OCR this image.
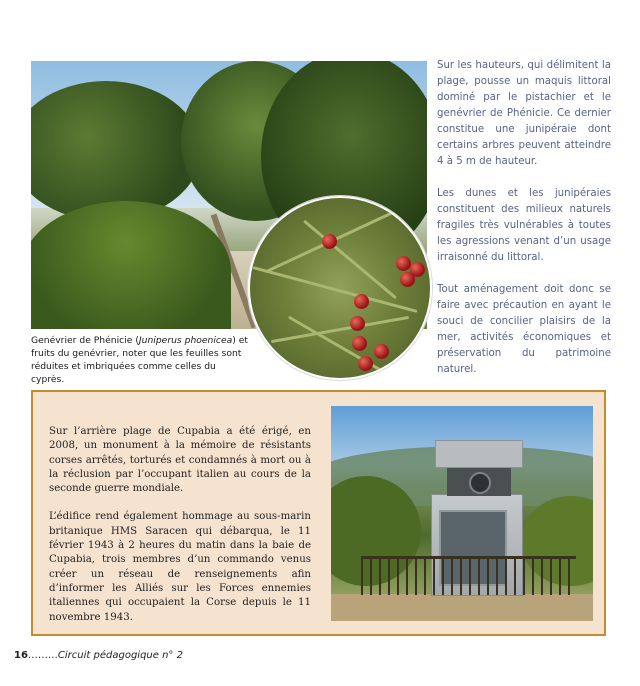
Genévrier de Phénicie (Juniperus phoenicea) et fruits du genévrier, noter que les feuilles sont réduites et imbriquées comme celles du cyprès.

Sur les hauteurs, qui délimitent la plage, pousse un maquis littoral dominé par le pistachier et le genévrier de Phénicie. Ce dernier constitue une junipéraie dont certains arbres peuvent atteindre 4 à 5 m de hauteur.

Les dunes et les junipéraies constituent des milieux naturels fragiles très vulnérables à toutes les agressions venant d’un usage irraisonné du littoral.

Tout aménagement doit donc se faire avec précaution en ayant le souci de concilier plaisirs de la mer, activités économiques et préservation du patrimoine naturel.

Sur l’arrière plage de Cupabia a été érigé, en 2008, un monument à la mémoire de résistants corses arrêtés, torturés et condamnés à mort ou à la réclusion par l’occupant italien au cours de la seconde guerre mondiale.

L’édifice rend également hommage au sous-marin britanique HMS Saracen qui débarqua, le 11 février 1943 à 2 heures du matin dans la baie de Cupabia, trois membres d’un commando venus créer un réseau de renseignements afin d’informer les Alliés sur les Forces ennemies italiennes qui occupaient la Corse depuis le 11 novembre 1943.

16………Circuit pédagogique n° 2
